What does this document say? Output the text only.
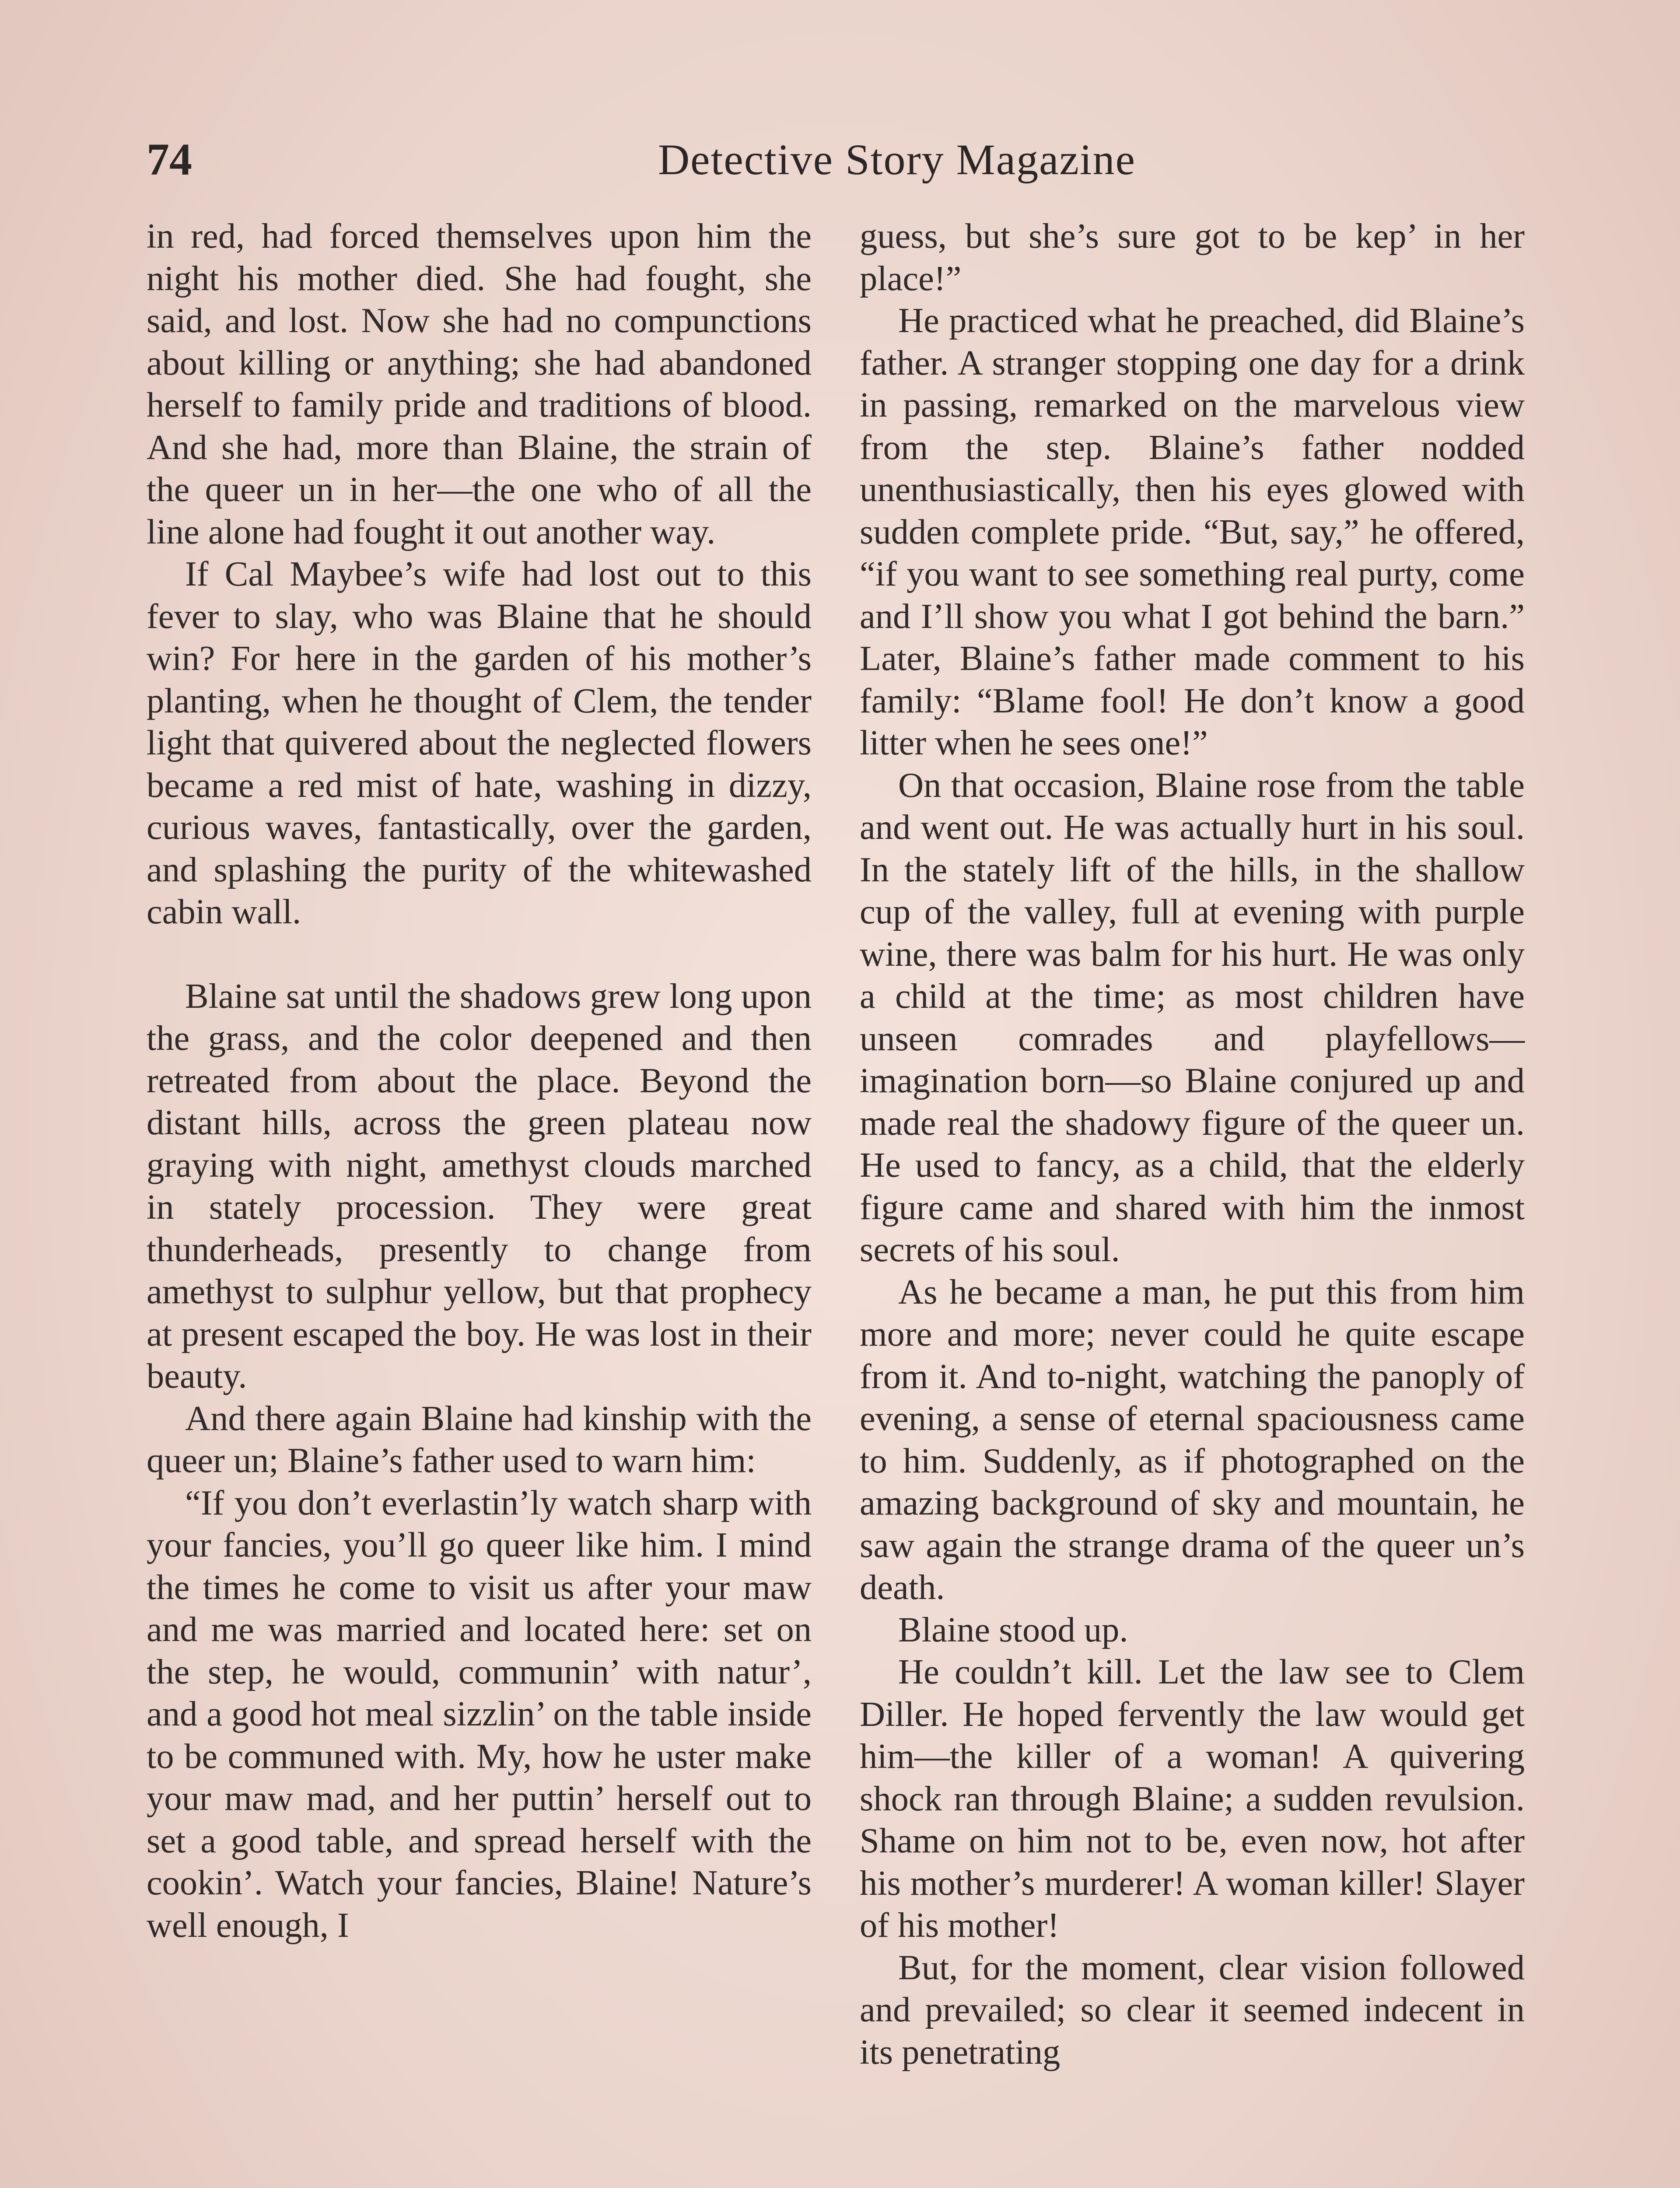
74	Detective Story Magazine

in red, had forced themselves upon him the night his mother died. She had fought, she said, and lost. Now she had no compunctions about killing or anything; she had abandoned herself to family pride and traditions of blood. And she had, more than Blaine, the strain of the queer un in her—the one who of all the line alone had fought it out another way.

If Cal Maybee’s wife had lost out to this fever to slay, who was Blaine that he should win? For here in the garden of his mother’s planting, when he thought of Clem, the tender light that quivered about the neglected flowers became a red mist of hate, washing in dizzy, curious waves, fantastically, over the garden, and splashing the purity of the whitewashed cabin wall.

Blaine sat until the shadows grew long upon the grass, and the color deepened and then retreated from about the place. Beyond the distant hills, across the green plateau now graying with night, amethyst clouds marched in stately procession. They were great thunderheads, presently to change from amethyst to sulphur yellow, but that prophecy at present escaped the boy. He was lost in their beauty.

And there again Blaine had kinship with the queer un; Blaine’s father used to warn him:

“If you don’t everlastin’ly watch sharp with your fancies, you’ll go queer like him. I mind the times he come to visit us after your maw and me was married and located here: set on the step, he would, communin’ with natur’, and a good hot meal sizzlin’ on the table inside to be communed with. My, how he uster make your maw mad, and her puttin’ herself out to set a good table, and spread herself with the cookin’. Watch your fancies, Blaine! Nature’s well enough, I

guess, but she’s sure got to be kep’ in her place!”

He practiced what he preached, did Blaine’s father. A stranger stopping one day for a drink in passing, remarked on the marvelous view from the step. Blaine’s father nodded unenthusiastically, then his eyes glowed with sudden complete pride. “But, say,” he offered, “if you want to see something real purty, come and I’ll show you what I got behind the barn.” Later, Blaine’s father made comment to his family: “Blame fool! He don’t know a good litter when he sees one!”

On that occasion, Blaine rose from the table and went out. He was actually hurt in his soul. In the stately lift of the hills, in the shallow cup of the valley, full at evening with purple wine, there was balm for his hurt. He was only a child at the time; as most children have unseen comrades and playfellows—imagination born—so Blaine conjured up and made real the shadowy figure of the queer un. He used to fancy, as a child, that the elderly figure came and shared with him the inmost secrets of his soul.

As he became a man, he put this from him more and more; never could he quite escape from it. And to-night, watching the panoply of evening, a sense of eternal spaciousness came to him. Suddenly, as if photographed on the amazing background of sky and mountain, he saw again the strange drama of the queer un’s death.

Blaine stood up.

He couldn’t kill. Let the law see to Clem Diller. He hoped fervently the law would get him—the killer of a woman! A quivering shock ran through Blaine; a sudden revulsion. Shame on him not to be, even now, hot after his mother’s murderer! A woman killer! Slayer of his mother!

But, for the moment, clear vision followed and prevailed; so clear it seemed indecent in its penetrating
